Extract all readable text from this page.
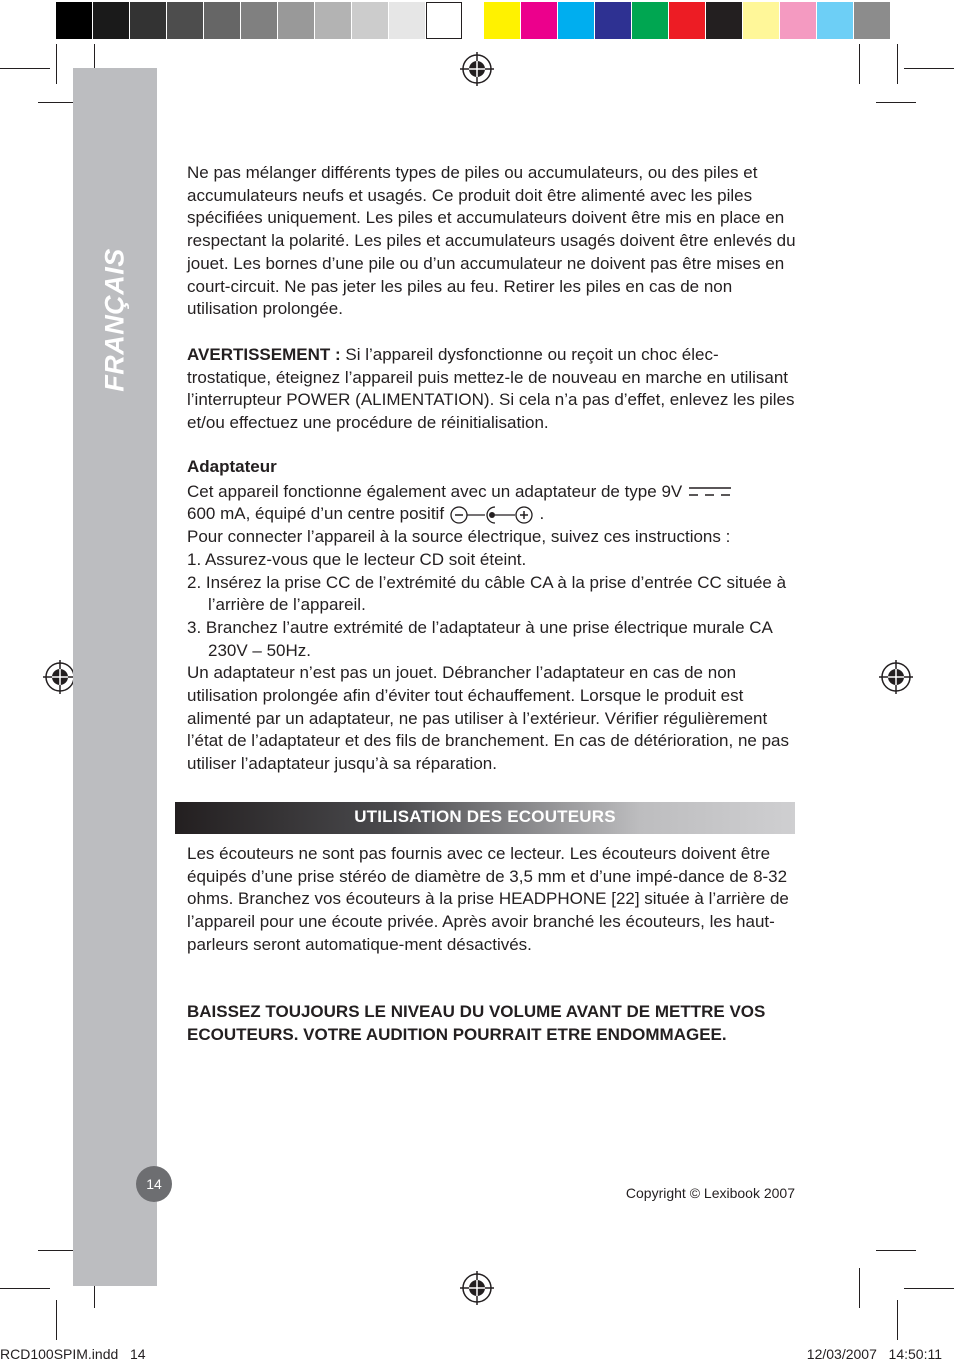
FRANÇAIS

Ne pas mélanger différents types de piles ou accumulateurs, ou des piles et accumulateurs neufs et usagés. Ce produit doit être alimenté avec les piles spécifiées uniquement. Les piles et accumulateurs doivent être mis en place en respectant la polarité. Les piles et accumulateurs usagés doivent être enlevés du jouet. Les bornes d’une pile ou d’un accumulateur ne doivent pas être mises en court-circuit. Ne pas jeter les piles au feu. Retirer les piles en cas de non utilisation prolongée.

AVERTISSEMENT : Si l’appareil dysfonctionne ou reçoit un choc élec-trostatique, éteignez l’appareil puis mettez-le de nouveau en marche en utilisant l’interrupteur POWER (ALIMENTATION). Si cela n’a pas d’effet, enlevez les piles et/ou effectuez une procédure de réinitialisation.

Adaptateur

Cet appareil fonctionne également avec un adaptateur de type 9V

600 mA, équipé d’un centre positif	.

Pour connecter l’appareil à la source électrique, suivez ces instructions :

1. Assurez-vous que le lecteur CD soit éteint.

2. Insérez la prise CC de l’extrémité du câble CA à la prise d’entrée CC située à l’arrière de l’appareil.

3. Branchez l’autre extrémité de l’adaptateur à une prise électrique murale CA 230V – 50Hz.

Un adaptateur n’est pas un jouet. Débrancher l’adaptateur en cas de non utilisation prolongée afin d’éviter tout échauffement. Lorsque le produit est alimenté par un adaptateur, ne pas utiliser à l’extérieur. Vérifier régulièrement l’état de l’adaptateur et des fils de branchement. En cas de détérioration, ne pas utiliser l’adaptateur jusqu’à sa réparation.

UTILISATION DES ECOUTEURS

Les écouteurs ne sont pas fournis avec ce lecteur. Les écouteurs doivent être équipés d’une prise stéréo de diamètre de 3,5 mm et d’une impé-dance de 8-32 ohms. Branchez vos écouteurs à la prise HEADPHONE [22] située à l’arrière de l’appareil pour une écoute privée. Après avoir branché les écouteurs, les haut-parleurs seront automatique-ment désactivés.

BAISSEZ TOUJOURS LE NIVEAU DU VOLUME AVANT DE METTRE VOS ECOUTEURS. VOTRE AUDITION POURRAIT ETRE ENDOMMAGEE.

14
Copyright © Lexibook 2007
RCD100SPIM.indd   14	12/03/2007   14:50:11
